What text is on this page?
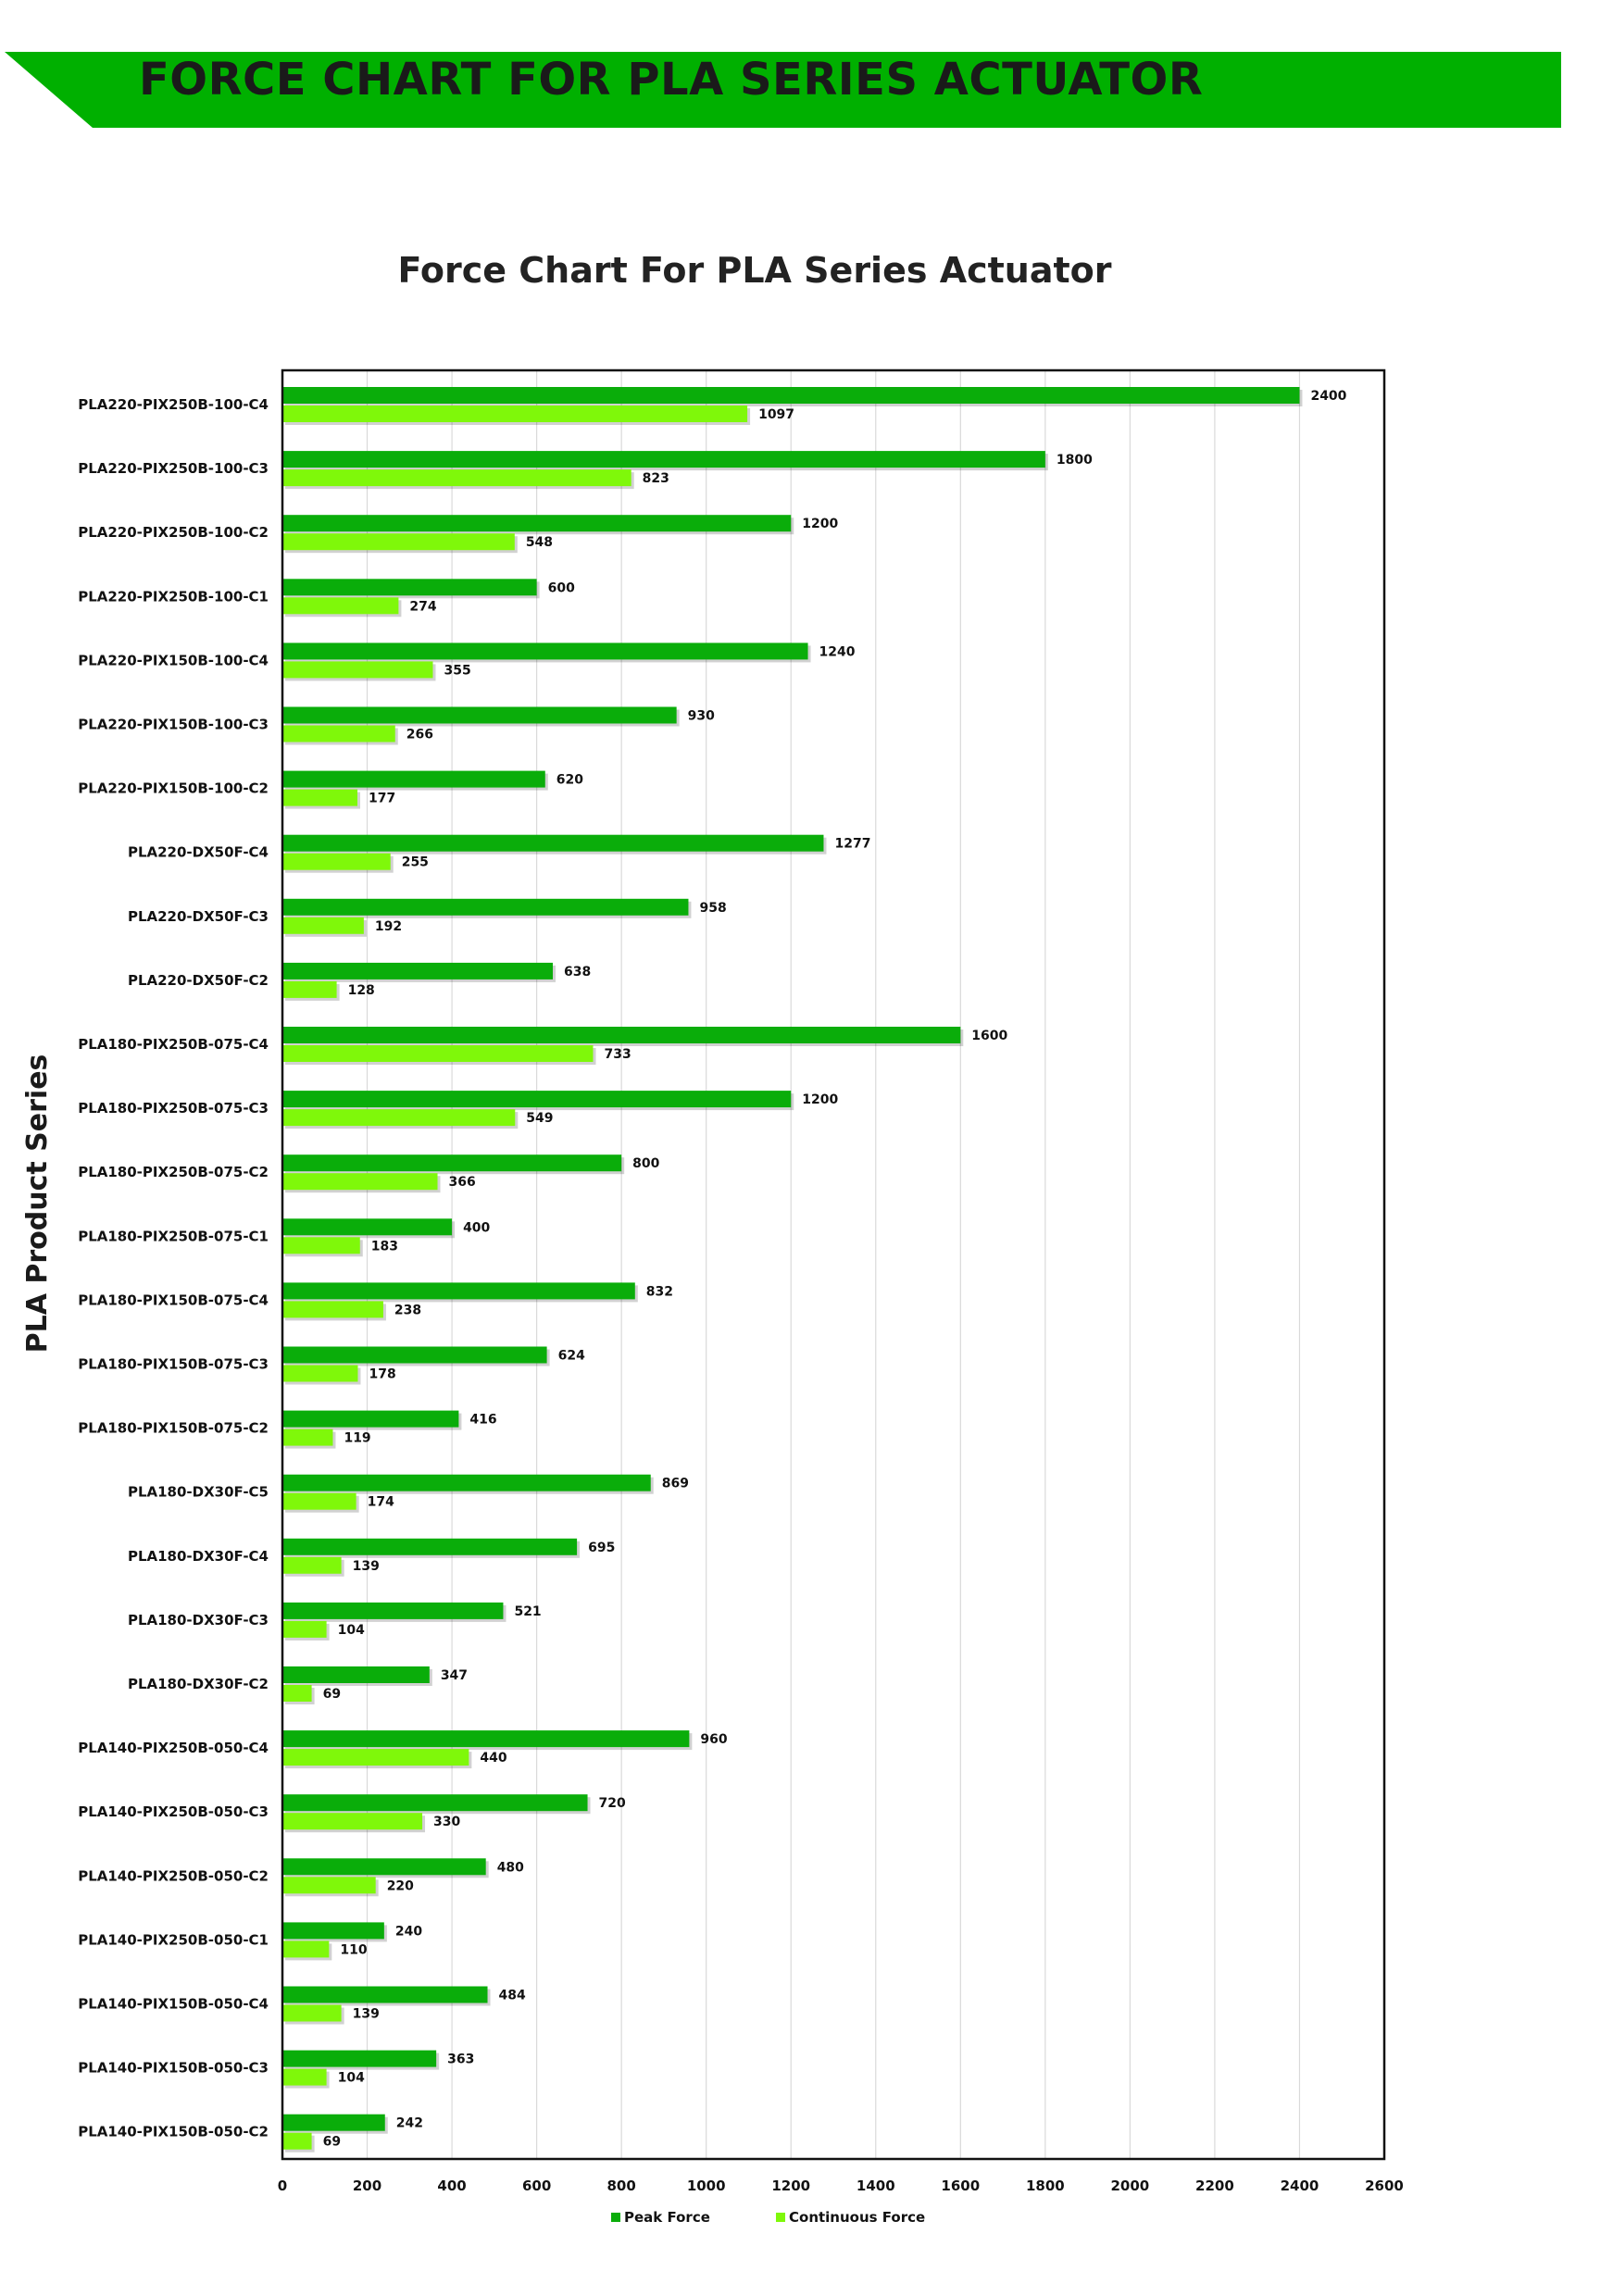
FORCE CHART FOR PLA SERIES ACTUATOR
Force Chart For PLA Series Actuator
2400
1097
1800
823
1200
548
600
274
1240
355
930
266
620
177
1277
255
958
192
638
128
1600
733
1200
549
800
366
400
183
832
238
624
178
416
119
869
174
695
139
521
104
347
69
960
440
720
330
480
220
240
110
484
139
363
104
242
69
PLA220-PIX250B-100-C4
PLA220-PIX250B-100-C3
PLA220-PIX250B-100-C2
PLA220-PIX250B-100-C1
PLA220-PIX150B-100-C4
PLA220-PIX150B-100-C3
PLA220-PIX150B-100-C2
PLA220-DX50F-C4
PLA220-DX50F-C3
PLA220-DX50F-C2
PLA180-PIX250B-075-C4
PLA180-PIX250B-075-C3
PLA180-PIX250B-075-C2
PLA180-PIX250B-075-C1
PLA180-PIX150B-075-C4
PLA180-PIX150B-075-C3
PLA180-PIX150B-075-C2
PLA180-DX30F-C5
PLA180-DX30F-C4
PLA180-DX30F-C3
PLA180-DX30F-C2
PLA140-PIX250B-050-C4
PLA140-PIX250B-050-C3
PLA140-PIX250B-050-C2
PLA140-PIX250B-050-C1
PLA140-PIX150B-050-C4
PLA140-PIX150B-050-C3
PLA140-PIX150B-050-C2
0	200	400	600	800	1000	1200	1400	1600	1800	2000	2200	2400	2600
PLA Product Series
Peak Force	Continuous Force
